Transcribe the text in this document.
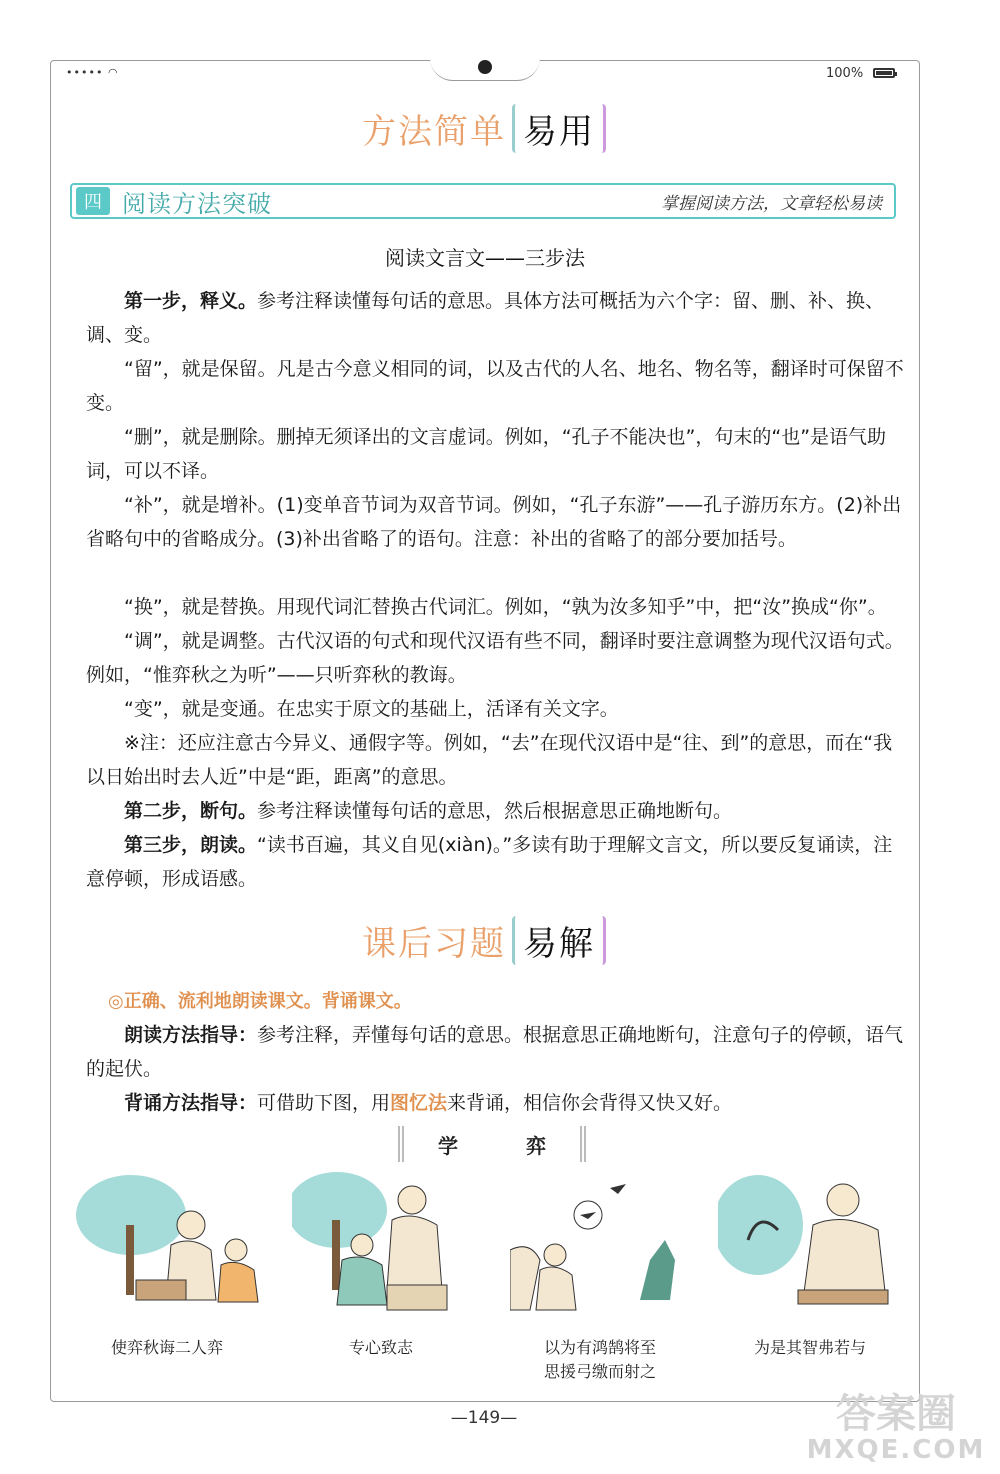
••••• ◠	100%
方法简单 易用
四 阅读方法突破	掌握阅读方法，文章轻松易读
阅读文言文——三步法

第一步，释义。参考注释读懂每句话的意思。具体方法可概括为六个字：留、删、补、换、调、变。

“留”，就是保留。凡是古今意义相同的词，以及古代的人名、地名、物名等，翻译时可保留不变。

“删”，就是删除。删掉无须译出的文言虚词。例如，“孔子不能决也”，句末的“也”是语气助词，可以不译。

“补”，就是增补。(1)变单音节词为双音节词。例如，“孔子东游”——孔子游历东方。(2)补出省略句中的省略成分。(3)补出省略了的语句。注意：补出的省略了的部分要加括号。

“换”，就是替换。用现代词汇替换古代词汇。例如，“孰为汝多知乎”中，把“汝”换成“你”。

“调”，就是调整。古代汉语的句式和现代汉语有些不同，翻译时要注意调整为现代汉语句式。例如，“惟弈秋之为听”——只听弈秋的教诲。

“变”，就是变通。在忠实于原文的基础上，活译有关文字。

※注：还应注意古今异义、通假字等。例如，“去”在现代汉语中是“往、到”的意思，而在“我以日始出时去人近”中是“距，距离”的意思。

第二步，断句。参考注释读懂每句话的意思，然后根据意思正确地断句。

第三步，朗读。“读书百遍，其义自见(xiàn)。”多读有助于理解文言文，所以要反复诵读，注意停顿，形成语感。

课后习题 易解
◎正确、流利地朗读课文。背诵课文。

朗读方法指导：参考注释，弄懂每句话的意思。根据意思正确地断句，注意句子的停顿，语气的起伏。

背诵方法指导：可借助下图，用图忆法来背诵，相信你会背得又快又好。

学	弈
使弈秋诲二人弈	专心致志	以为有鸿鹄将至
思援弓缴而射之
为是其智弗若与
—149—	答案圈
MXQE.COM
